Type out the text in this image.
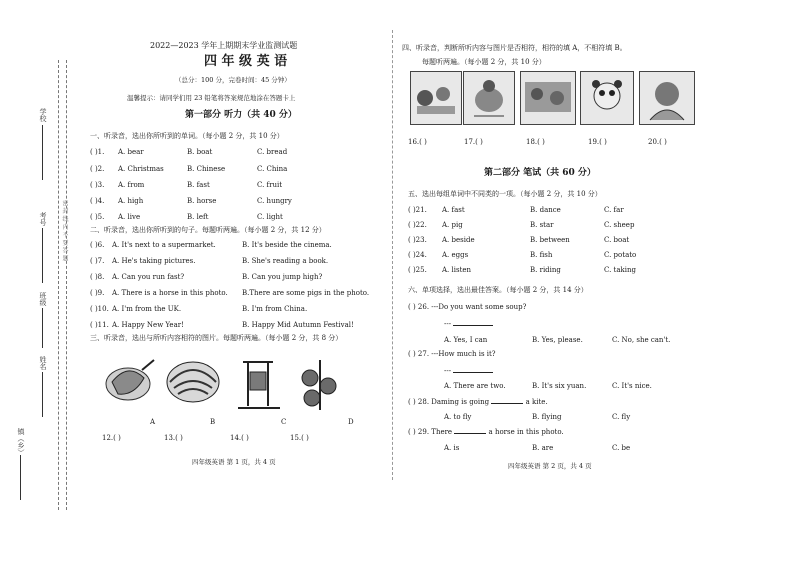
密 封 线 内 不 要 答 题
学校
考号
班级
姓名
镇（乡）
2022—2023 学年上期期末学业监测试题
四 年 级 英 语
（总分：100 分，完卷时间：45 分钟）
温馨提示：请同学们用 23 铅笔将答案规范地涂在答题卡上
第一部分 听力（共 40 分）
一、听录音，选出你所听到的单词。（每小题 2 分，共 10 分）
( )1. A. bear	B. boat	C. bread
( )2. A. Christmas	B. Chinese	C. China
( )3. A. from	B. fast	C. fruit
( )4. A. high	B. horse	C. hungry
( )5. A. live	B. left	C. light
二、听录音，选出你所听到的句子。每题听两遍。（每小题 2 分，共 12 分）
( )6. A. It's next to a supermarket.	B. It's beside the cinema.
( )7. A. He's taking pictures.	B. She's reading a book.
( )8. A. Can you run fast?	B. Can you jump high?
( )9. A. There is a horse in this photo. B.There are some pigs in the photo.
( )10. A. I'm from the UK.	B. I'm from China.
( )11. A. Happy New Year!	B. Happy Mid Autumn Festival!
三、听录音，选出与所听内容相符的图片。每题听两遍。（每小题 2 分，共 8 分）
A	B	C	D
12.( )	13.( )	14.( )	15.( )
四年级英语 第 1 页，共 4 页
四、听录音，判断所听内容与图片是否相符，相符的填 A，不相符填 B。
每题听两遍。（每小题 2 分，共 10 分）
16.( )	17.( )	18.( )	19.( )	20.( )
第二部分 笔试（共 60 分）
五、选出每组单词中不同类的一项。（每小题 2 分，共 10 分）
( )21. A. fast	B. dance	C. far
( )22. A. pig	B. star	C. sheep
( )23. A. beside	B. between	C. boat
( )24. A. eggs	B. fish	C. potato
( )25. A. listen	B. riding	C. taking
六、单项选择，选出最佳答案。（每小题 2 分，共 14 分）
( ) 26. ---Do you want some soup?
---
A. Yes, I can	B. Yes, please.	C. No, she can't.
( ) 27. ---How much is it?
---
A. There are two.	B. It's six yuan.	C. It's nice.
( ) 28. Daming is going	a kite.
A. to fly	B. flying	C. fly
( ) 29. There	a horse in this photo.
A. is	B. are	C. be
四年级英语 第 2 页，共 4 页
